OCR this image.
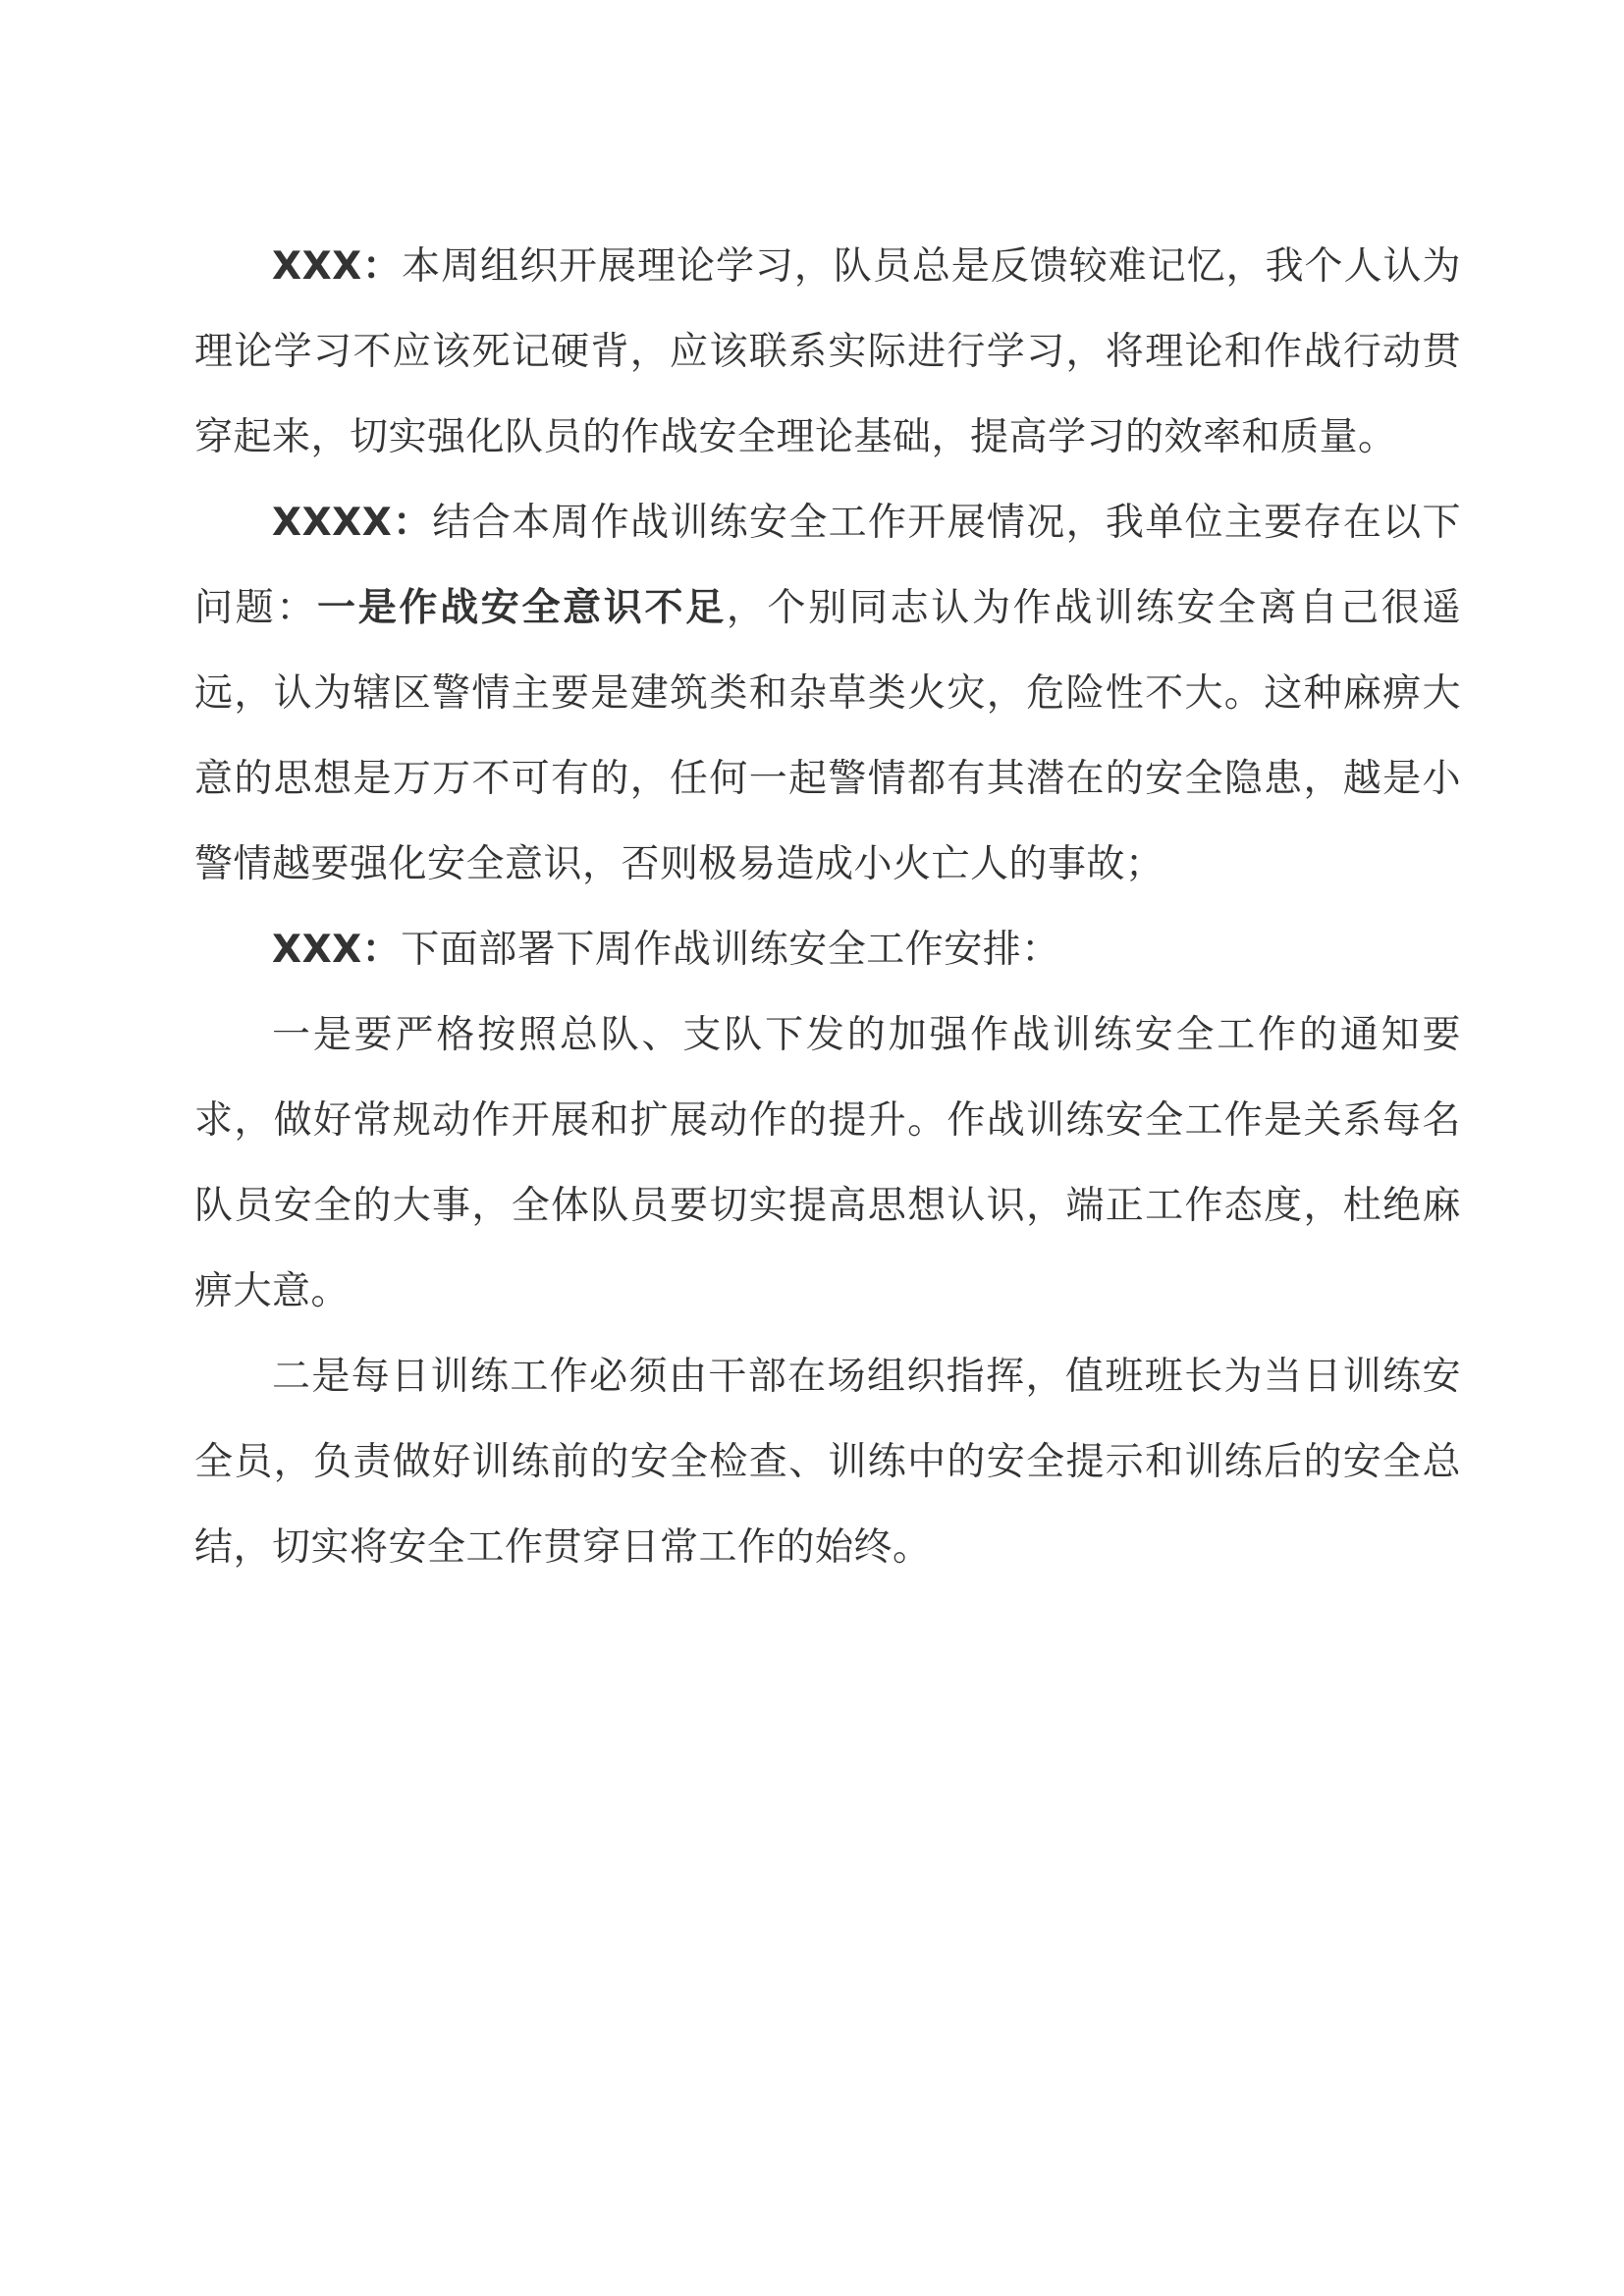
XXX：本周组织开展理论学习，队员总是反馈较难记忆，我个人认为理论学习不应该死记硬背，应该联系实际进行学习，将理论和作战行动贯穿起来，切实强化队员的作战安全理论基础，提高学习的效率和质量。

XXXX：结合本周作战训练安全工作开展情况，我单位主要存在以下问题：一是作战安全意识不足，个别同志认为作战训练安全离自己很遥远，认为辖区警情主要是建筑类和杂草类火灾，危险性不大。这种麻痹大意的思想是万万不可有的，任何一起警情都有其潜在的安全隐患，越是小警情越要强化安全意识，否则极易造成小火亡人的事故；

XXX：下面部署下周作战训练安全工作安排：

一是要严格按照总队、支队下发的加强作战训练安全工作的通知要求，做好常规动作开展和扩展动作的提升。作战训练安全工作是关系每名队员安全的大事，全体队员要切实提高思想认识，端正工作态度，杜绝麻痹大意。

二是每日训练工作必须由干部在场组织指挥，值班班长为当日训练安全员，负责做好训练前的安全检查、训练中的安全提示和训练后的安全总结，切实将安全工作贯穿日常工作的始终。
